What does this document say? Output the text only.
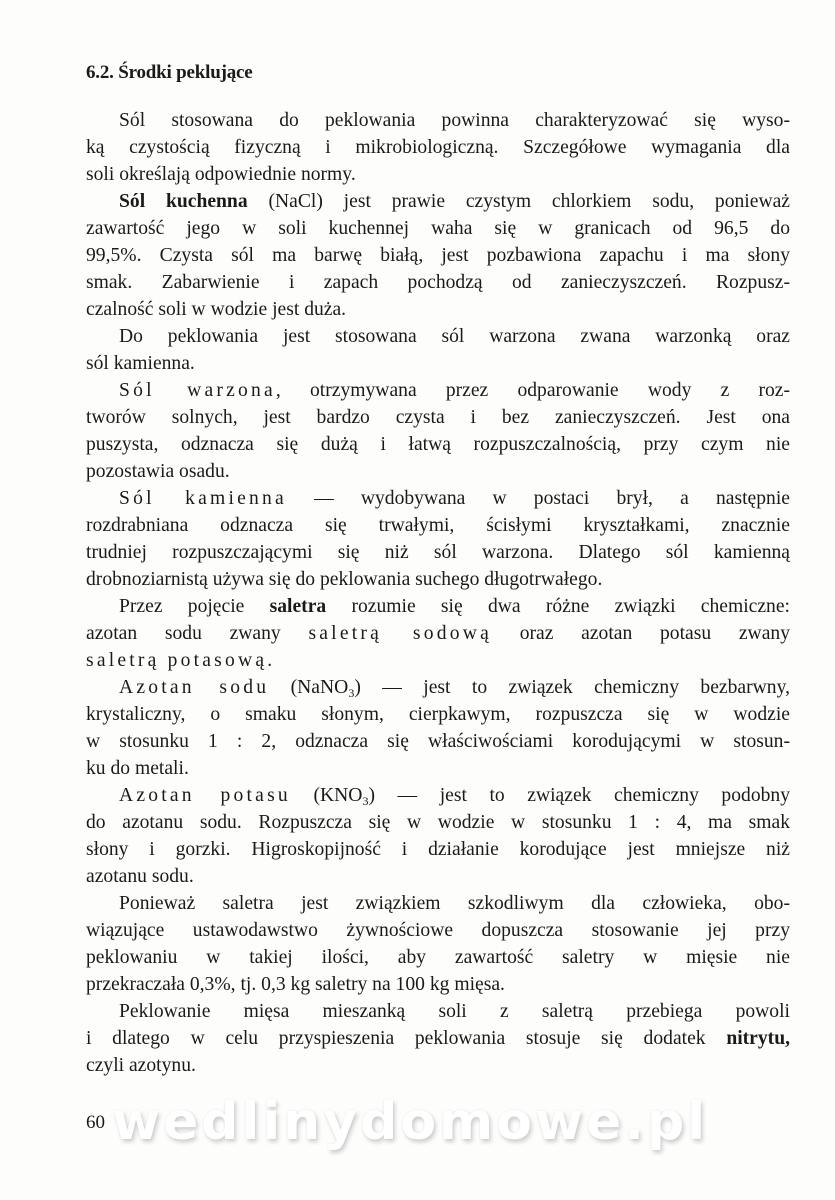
6.2. Środki peklujące
Sól stosowana do peklowania powinna charakteryzować się wyso-
ką czystością fizyczną i mikrobiologiczną. Szczegółowe wymagania dla
soli określają odpowiednie normy.
Sól kuchenna (NaCl) jest prawie czystym chlorkiem sodu, ponieważ
zawartość jego w soli kuchennej waha się w granicach od 96,5 do
99,5%. Czysta sól ma barwę białą, jest pozbawiona zapachu i ma słony
smak. Zabarwienie i zapach pochodzą od zanieczyszczeń. Rozpusz-
czalność soli w wodzie jest duża.
Do peklowania jest stosowana sól warzona zwana warzonką oraz
sól kamienna.
Sól warzona, otrzymywana przez odparowanie wody z roz-
tworów solnych, jest bardzo czysta i bez zanieczyszczeń. Jest ona
puszysta, odznacza się dużą i łatwą rozpuszczalnością, przy czym nie
pozostawia osadu.
Sól kamienna — wydobywana w postaci brył, a następnie
rozdrabniana odznacza się trwałymi, ścisłymi kryształkami, znacznie
trudniej rozpuszczającymi się niż sól warzona. Dlatego sól kamienną
drobnoziarnistą używa się do peklowania suchego długotrwałego.
Przez pojęcie saletra rozumie się dwa różne związki chemiczne:
azotan sodu zwany saletrą sodową oraz azotan potasu zwany
saletrą potasową.
Azotan sodu (NaNO$_3$) — jest to związek chemiczny bezbarwny,
krystaliczny, o smaku słonym, cierpkawym, rozpuszcza się w wodzie
w stosunku 1 : 2, odznacza się właściwościami korodującymi w stosun-
ku do metali.
Azotan potasu $(KNO_3)$ — jest to związek chemiczny podobny
do azotanu sodu. Rozpuszcza się w wodzie w stosunku 1 : 4, ma smak
słony i gorzki. Higroskopijność i działanie korodujące jest mniejsze niż
azotanu sodu.
Ponieważ saletra jest związkiem szkodliwym dla człowieka, obo-
wiązujące ustawodawstwo żywnościowe dopuszcza stosowanie jej przy
peklowaniu w takiej ilości, aby zawartość saletry w mięsie nie
przekraczała 0,3%, tj. 0,3 kg saletry na 100 kg mięsa.
Peklowanie mięsa mieszanką soli z saletrą przebiega powoli
i dlatego w celu przyspieszenia peklowania stosuje się dodatek nitrytu,
czyli azotynu.
60 wedlinydomowe.pl
